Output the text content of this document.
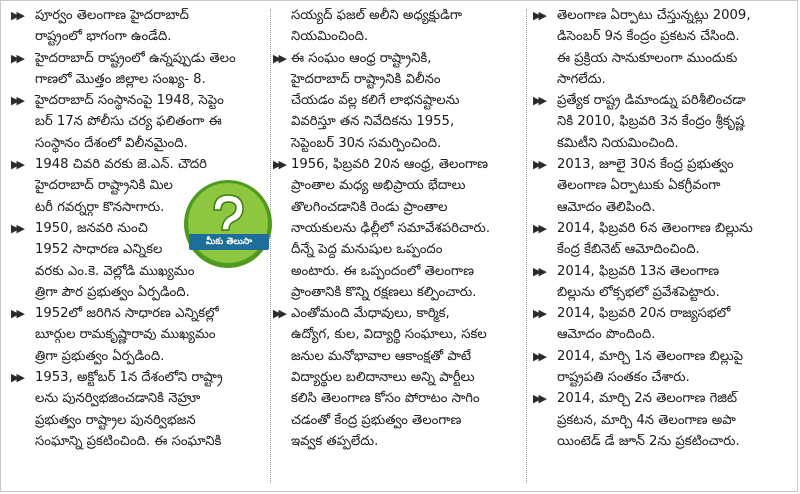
▶▶ పూర్వం తెలంగాణ హైదరాబాద్
రాష్ట్రంలో భాగంగా ఉండేది.

▶▶ హైదరాబాద్ రాష్ట్రంలో ఉన్నప్పుడు తెలం
గాణలో మొత్తం జిల్లాల సంఖ్య- 8.

▶▶ హైదరాబాద్ సంస్థానంపై 1948, సెప్టెం
బర్ 17న పోలీసు చర్య ఫలితంగా ఈ
సంస్థానం దేశంలో విలీనమైంది.

▶▶ 1948 చివరి వరకు జె.ఎన్. చౌదరి
హైదరాబాద్ రాష్ట్రానికి మిల
టరీ గవర్నర్గా కొనసాగారు.

▶▶ 1950, జనవరి నుంచి
1952 సాధారణ ఎన్నికల
వరకు ఎం.కె. వెల్లోడి ముఖ్యమం
త్రిగా పౌర ప్రభుత్వం ఏర్పడింది.

▶▶ 1952లో జరిగిన సాధారణ ఎన్నికల్లో
బూర్గుల రామకృష్ణారావు ముఖ్యమం
త్రిగా ప్రభుత్వం ఏర్పడింది.

▶▶ 1953, అక్టోబర్ 1న దేశంలోని రాష్ట్రా
లను పునర్విభజించడానికి నెహ్రూ
ప్రభుత్వం రాష్ట్రాల పునర్విభజన
సంఘాన్ని ప్రకటించింది. ఈ సంఘానికి

సయ్యద్ ఫజల్ అలీని అధ్యక్షుడిగా
నియమించింది.

▶▶ ఈ సంఘం ఆంధ్ర రాష్ట్రానికి,
హైదరాబాద్ రాష్ట్రానికి విలీనం
చేయడం వల్ల కలిగే లాభనష్టాలను
వివరిస్తూ తన నివేదికను 1955,
సెప్టెంబర్ 30న సమర్పించింది.

▶▶ 1956, ఫిబ్రవరి 20న ఆంధ్ర, తెలంగాణ
ప్రాంతాల మధ్య అభిప్రాయ భేదాలు
తొలగించడానికి రెండు ప్రాంతాల
నాయకులను ఢిల్లీలో సమావేశపరిచారు.
దీన్నే పెద్ద మనుషుల ఒప్పందం
అంటారు. ఈ ఒప్పందంలో తెలంగాణ
ప్రాంతానికి కొన్ని రక్షణలు కల్పించారు.

▶▶ ఎంతోమంది మేధావులు, కార్మిక,
ఉద్యోగ, కుల, విద్యార్థి సంఘాలు, సకల
జనుల మనోభావాల ఆకాంక్షతో పాటే
విద్యార్థుల బలిదానాలు అన్ని పార్టీలు
కలిసి తెలంగాణ కోసం పోరాటం సాగిం
చడంతో కేంద్ర ప్రభుత్వం తెలంగాణ
ఇవ్వక తప్పలేదు.

▶▶ తెలంగాణ ఏర్పాటు చేస్తున్నట్లు 2009,
డిసెంబర్ 9న కేంద్రం ప్రకటన చేసింది.
ఈ ప్రక్రియ సానుకూలంగా ముందుకు
సాగలేదు.

▶▶ ప్రత్యేక రాష్ట్ర డిమాండ్ను పరిశీలించడా
నికి 2010, ఫిబ్రవరి 3న కేంద్రం శ్రీకృష్ణ
కమిటీని నియమించింది.

▶▶ 2013, జూలై 30న కేంద్ర ప్రభుత్వం
తెలంగాణ ఏర్పాటుకు ఏకగ్రీవంగా
ఆమోదం తెలిపింది.

▶▶ 2014, ఫిబ్రవరి 6న తెలంగాణ బిల్లును
కేంద్ర కేబినెట్ ఆమోదించింది.

▶▶ 2014, ఫిబ్రవరి 13న తెలంగాణ
బిల్లును లోక్సభలో ప్రవేశపెట్టారు.

▶▶ 2014, ఫిబ్రవరి 20న రాజ్యసభలో
ఆమోదం పొందింది.

▶▶ 2014, మార్చి 1న తెలంగాణ బిల్లుపై
రాష్ట్రపతి సంతకం చేశారు.

▶▶ 2014, మార్చి 2న తెలంగాణ గెజిట్
ప్రకటన, మార్చి 4న తెలంగాణ అపా
యింటెడ్ డే జూన్ 2ను ప్రకటించారు.

మీకు తెలుసా
